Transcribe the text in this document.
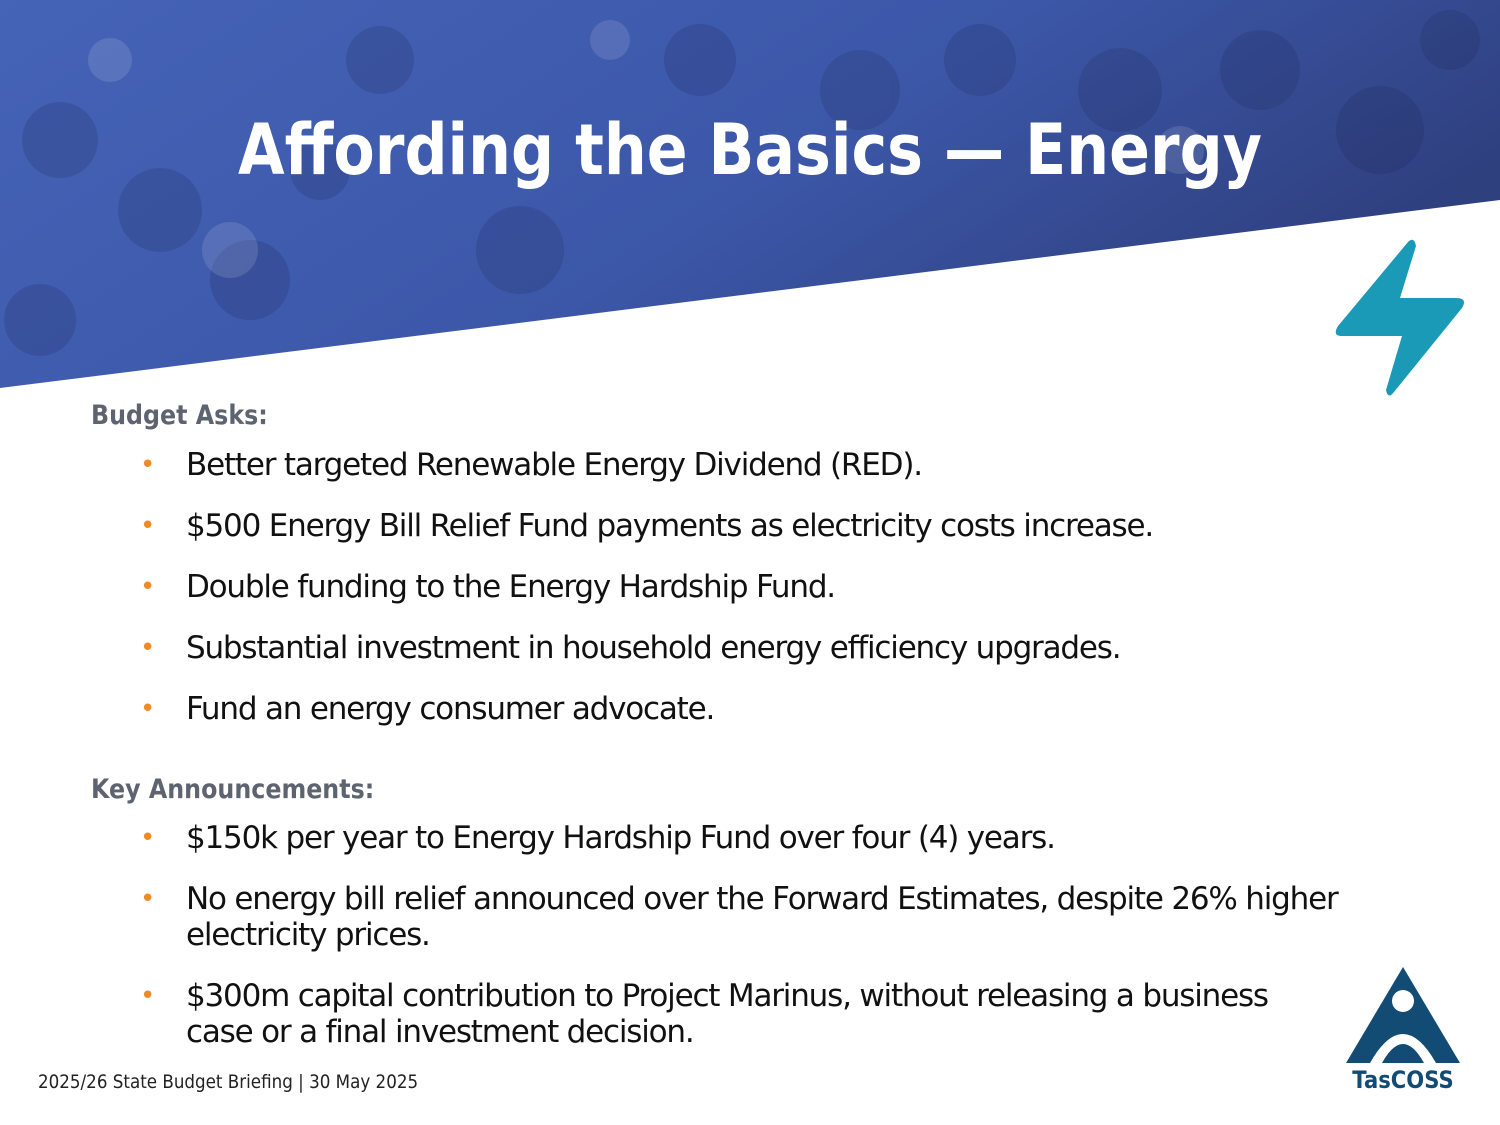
Affording the Basics — Energy
Budget Asks:
• Better targeted Renewable Energy Dividend (RED).
• $500 Energy Bill Relief Fund payments as electricity costs increase.
• Double funding to the Energy Hardship Fund.
• Substantial investment in household energy efficiency upgrades.
• Fund an energy consumer advocate.
Key Announcements:
• $150k per year to Energy Hardship Fund over four (4) years.
• No energy bill relief announced over the Forward Estimates, despite 26% higher electricity prices.
• $300m capital contribution to Project Marinus, without releasing a business case or a final investment decision.
2025/26 State Budget Briefing | 30 May 2025	TasCOSS
